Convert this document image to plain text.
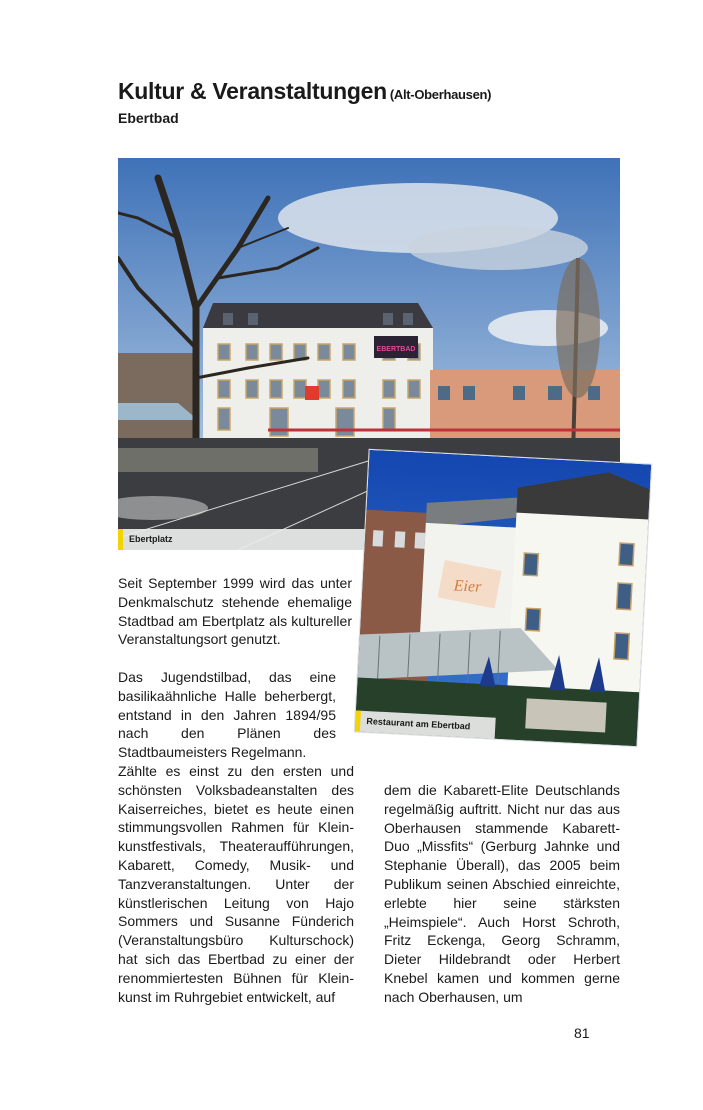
Kultur & Veranstaltungen (Alt-Oberhausen)
Ebertbad
EBERTBAD
Ebertplatz
Eier
Restaurant am Ebertbad

Seit September 1999 wird das unter Denkmalschutz stehende ehemalige Stadtbad am Ebertplatz als kultureller Veranstaltungsort genutzt.

Das Jugendstilbad, das eine basilikaähnliche Halle beherbergt, entstand in den Jahren 1894/95 nach den Plänen des Stadtbaumeisters Regelmann.

Zählte es einst zu den ersten und schönsten Volksbadeanstalten des Kaiserreiches, bietet es heute einen stimmungsvollen Rahmen für Kleinkunstfestivals, Theateraufführungen, Kabarett, Comedy, Musik- und Tanzveranstaltungen. Unter der künstlerischen Leitung von Hajo Sommers und Susanne Fünderich (Veranstaltungsbüro Kulturschock) hat sich das Ebertbad zu einer der renommiertesten Bühnen für Kleinkunst im Ruhrgebiet entwickelt, auf

dem die Kabarett-Elite Deutschlands regelmäßig auftritt. Nicht nur das aus Oberhausen stammende Kabarett-Duo „Missfits“ (Gerburg Jahnke und Stephanie Überall), das 2005 beim Publikum seinen Abschied einreichte, erlebte hier seine stärksten „Heimspiele“. Auch Horst Schroth, Fritz Eckenga, Georg Schramm, Dieter Hildebrandt oder Herbert Knebel kamen und kommen gerne nach Oberhausen, um

81
